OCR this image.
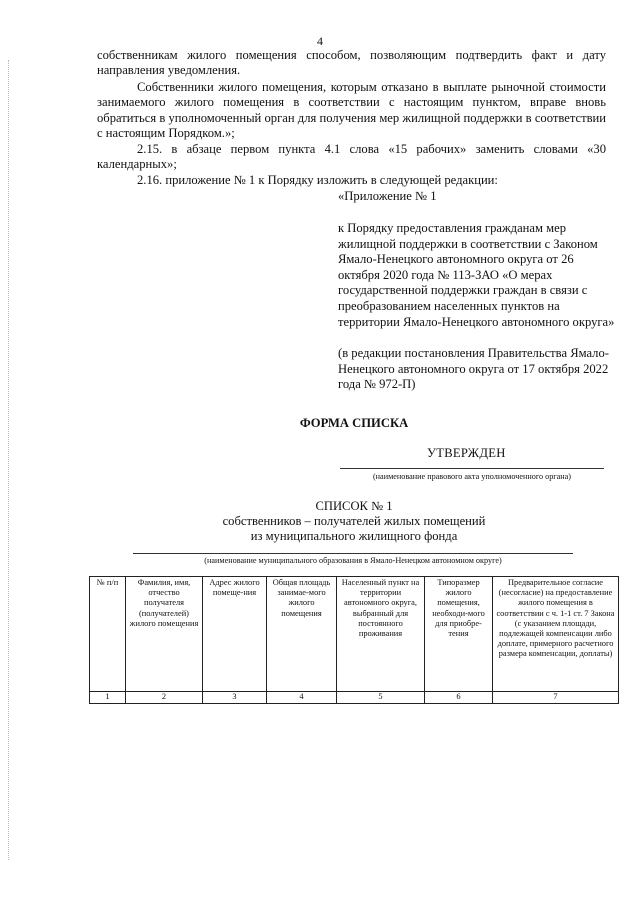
4

собственникам жилого помещения способом, позволяющим подтвердить факт и дату направления уведомления.

Собственники жилого помещения, которым отказано в выплате рыночной стоимости занимаемого жилого помещения в соответствии с настоящим пунктом, вправе вновь обратиться в уполномоченный орган для получения мер жилищной поддержки в соответствии с настоящим Порядком.»;

2.15. в абзаце первом пункта 4.1 слова «15 рабочих» заменить словами «30 календарных»;

2.16. приложение № 1 к Порядку изложить в следующей редакции:

«Приложение № 1
к Порядку предоставления гражданам мер жилищной поддержки в соответствии с Законом Ямало-Ненецкого автономного округа от 26 октября 2020 года № 113-ЗАО «О мерах государственной поддержки граждан в связи с преобразованием населенных пунктов на территории Ямало-Ненецкого автономного округа»
(в редакции постановления Правительства Ямало-Ненецкого автономного округа от 17 октября 2022 года № 972-П)
ФОРМА СПИСКА
УТВЕРЖДЕН
(наименование правового акта уполномоченного органа)
СПИСОК № 1
собственников – получателей жилых помещений
из муниципального жилищного фонда
(наименование муниципального образования в Ямало-Ненецком автономном округе)
№ п/п	Фамилия, имя, отчество получателя (получателей) жилого помещения	Адрес жилого помеще-ния	Общая площадь занимае-мого жилого помещения	Населенный пункт на территории автономного округа, выбранный для постоянного проживания	Типоразмер жилого помещения, необходи-мого для приобре-тения	Предварительное согласие (несогласие) на предоставление жилого помещения в соответствии с ч. 1-1 ст. 7 Закона (с указанием площади, подлежащей компенсации либо доплате, примерного расчетного размера компенсации, доплаты)
1	2	3	4	5	6	7
